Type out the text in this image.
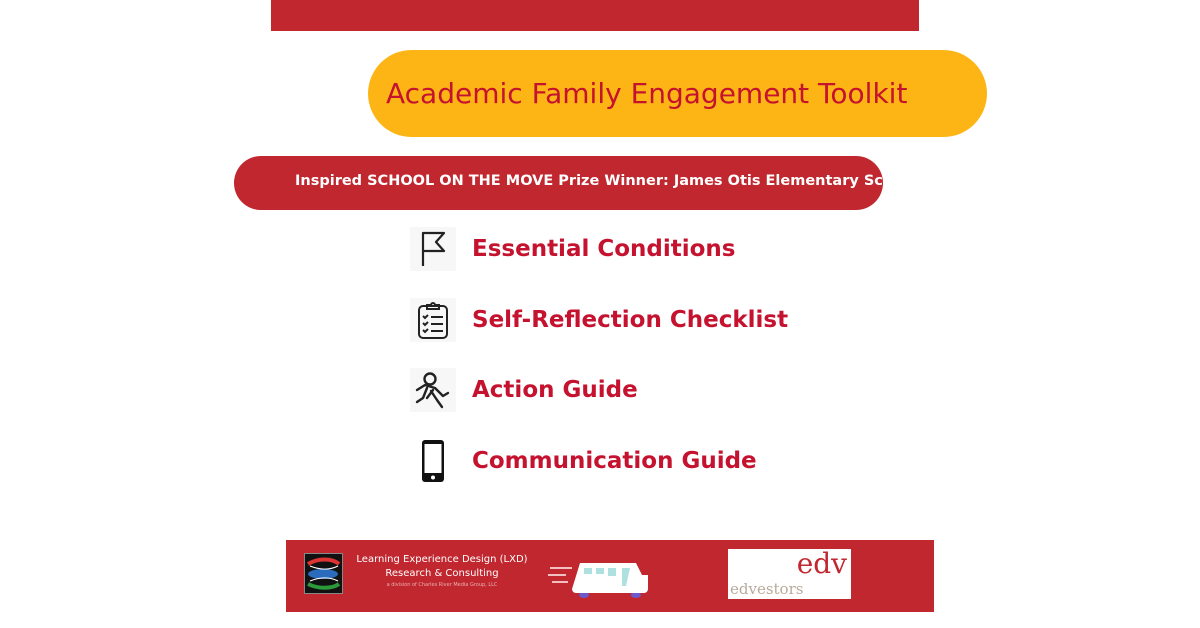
Academic Family Engagement Toolkit
Inspired SCHOOL ON THE MOVE Prize Winner: James Otis Elementary School
Essential Conditions
Self-Reflection Checklist
Action Guide
Communication Guide
Learning Experience Design (LXD)
Research & Consulting
a division of Charles River Media Group, LLC
edv
edvestors
